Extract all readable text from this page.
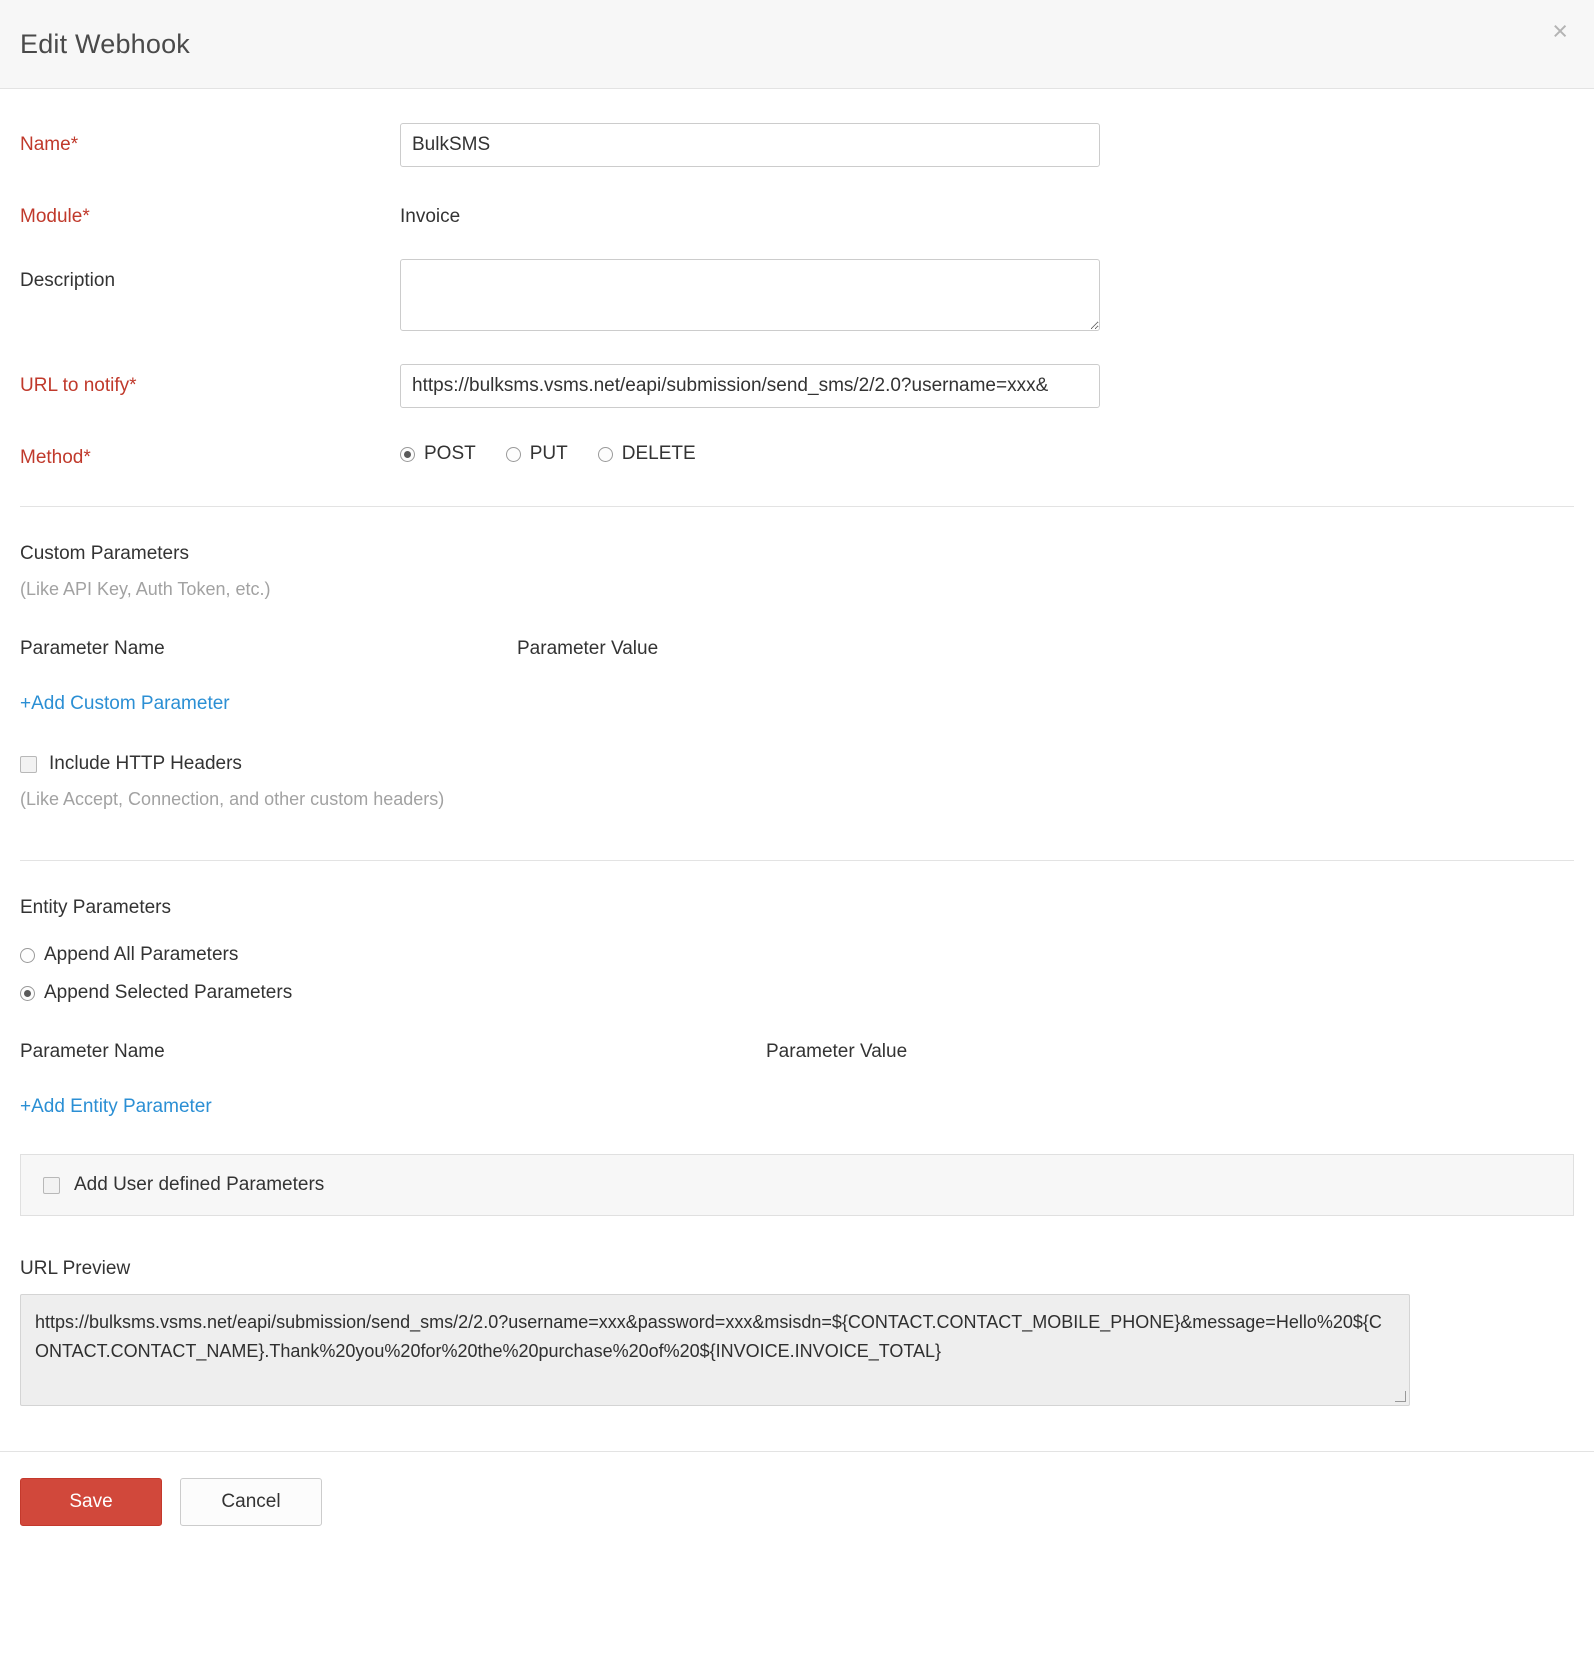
Edit Webhook	×
Name*
BulkSMS
Module*	Invoice
Description
URL to notify*
https://bulksms.vsms.net/eapi/submission/send_sms/2/2.0?username=xxx&
Method*	POST	PUT	DELETE
Custom Parameters
(Like API Key, Auth Token, etc.)
Parameter Name	Parameter Value
+Add Custom Parameter
Include HTTP Headers
(Like Accept, Connection, and other custom headers)
Entity Parameters
Append All Parameters
Append Selected Parameters
Parameter Name	Parameter Value
+Add Entity Parameter
Add User defined Parameters
URL Preview
https://bulksms.vsms.net/eapi/submission/send_sms/2/2.0?username=xxx&password=xxx&msisdn=${CONTACT.CONTACT_MOBILE_PHONE}&message=Hello%20${CONTACT.CONTACT_NAME}.Thank%20you%20for%20the%20purchase%20of%20${INVOICE.INVOICE_TOTAL}
Save	Cancel
